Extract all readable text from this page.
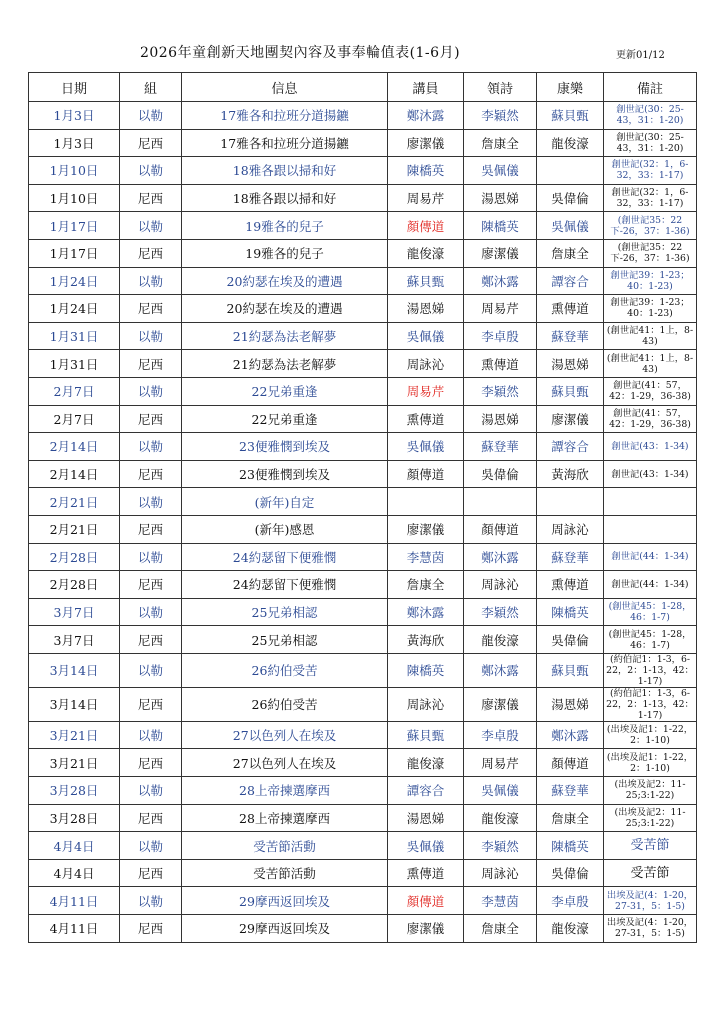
2026年童創新天地團契內容及事奉輪值表(1-6月)	更新01/12
日期	組	信息	講員	領詩	康樂	備註
1月3日	以勒	17雅各和拉班分道揚鑣	鄭沐露	李穎然	蘇貝甄	創世記(30：25-43，31：1-20)
1月3日	尼西	17雅各和拉班分道揚鑣	廖潔儀	詹康全	龍俊濠	創世記(30：25-43，31：1-20)
1月10日	以勒	18雅各跟以掃和好	陳橋英	吳佩儀		創世記(32：1，6-32，33：1-17)
1月10日	尼西	18雅各跟以掃和好	周易芹	湯恩娣	吳偉倫	創世記(32：1，6-32，33：1-17)
1月17日	以勒	19雅各的兒子	顏傳道	陳橋英	吳佩儀	(創世記35：22下-26，37：1-36)
1月17日	尼西	19雅各的兒子	龍俊濠	廖潔儀	詹康全	(創世記35：22下-26，37：1-36)
1月24日	以勒	20約瑟在埃及的遭遇	蘇貝甄	鄭沐露	譚容合	創世記39：1-23；40：1-23)
1月24日	尼西	20約瑟在埃及的遭遇	湯恩娣	周易芹	熏傳道	創世記39：1-23；40：1-23)
1月31日	以勒	21約瑟為法老解夢	吳佩儀	李卓殷	蘇登華	(創世記41：1上，8-43)
1月31日	尼西	21約瑟為法老解夢	周詠沁	熏傳道	湯恩娣	(創世記41：1上，8-43)
2月7日	以勒	22兄弟重逢	周易芹	李穎然	蘇貝甄	創世記(41：57，42：1-29，36-38)
2月7日	尼西	22兄弟重逢	熏傳道	湯恩娣	廖潔儀	創世記(41：57，42：1-29，36-38)
2月14日	以勒	23便雅憫到埃及	吳佩儀	蘇登華	譚容合	創世記(43：1-34)
2月14日	尼西	23便雅憫到埃及	顏傳道	吳偉倫	黃海欣	創世記(43：1-34)
2月21日	以勒	(新年)自定				
2月21日	尼西	(新年)感恩	廖潔儀	顏傳道	周詠沁	
2月28日	以勒	24約瑟留下便雅憫	李慧茵	鄭沐露	蘇登華	創世記(44：1-34)
2月28日	尼西	24約瑟留下便雅憫	詹康全	周詠沁	熏傳道	創世記(44：1-34)
3月7日	以勒	25兄弟相認	鄭沐露	李穎然	陳橋英	(創世記45：1-28，46：1-7)
3月7日	尼西	25兄弟相認	黃海欣	龍俊濠	吳偉倫	(創世記45：1-28，46：1-7)
3月14日	以勒	26約伯受苦	陳橋英	鄭沐露	蘇貝甄	(約伯記1：1-3，6-22，2：1-13，42：1-17)
3月14日	尼西	26約伯受苦	周詠沁	廖潔儀	湯恩娣	(約伯記1：1-3，6-22，2：1-13，42：1-17)
3月21日	以勒	27以色列人在埃及	蘇貝甄	李卓殷	鄭沐露	(出埃及記1：1-22，2：1-10)
3月21日	尼西	27以色列人在埃及	龍俊濠	周易芹	顏傳道	(出埃及記1：1-22，2：1-10)
3月28日	以勒	28上帝揀選摩西	譚容合	吳佩儀	蘇登華	(出埃及記2：11-25;3:1-22)
3月28日	尼西	28上帝揀選摩西	湯恩娣	龍俊濠	詹康全	(出埃及記2：11-25;3:1-22)
4月4日	以勒	受苦節活動	吳佩儀	李穎然	陳橋英	受苦節
4月4日	尼西	受苦節活動	熏傳道	周詠沁	吳偉倫	受苦節
4月11日	以勒	29摩西返回埃及	顏傳道	李慧茵	李卓殷	出埃及記(4：1-20，27-31，5：1-5)
4月11日	尼西	29摩西返回埃及	廖潔儀	詹康全	龍俊濠	出埃及記(4：1-20，27-31，5：1-5)
